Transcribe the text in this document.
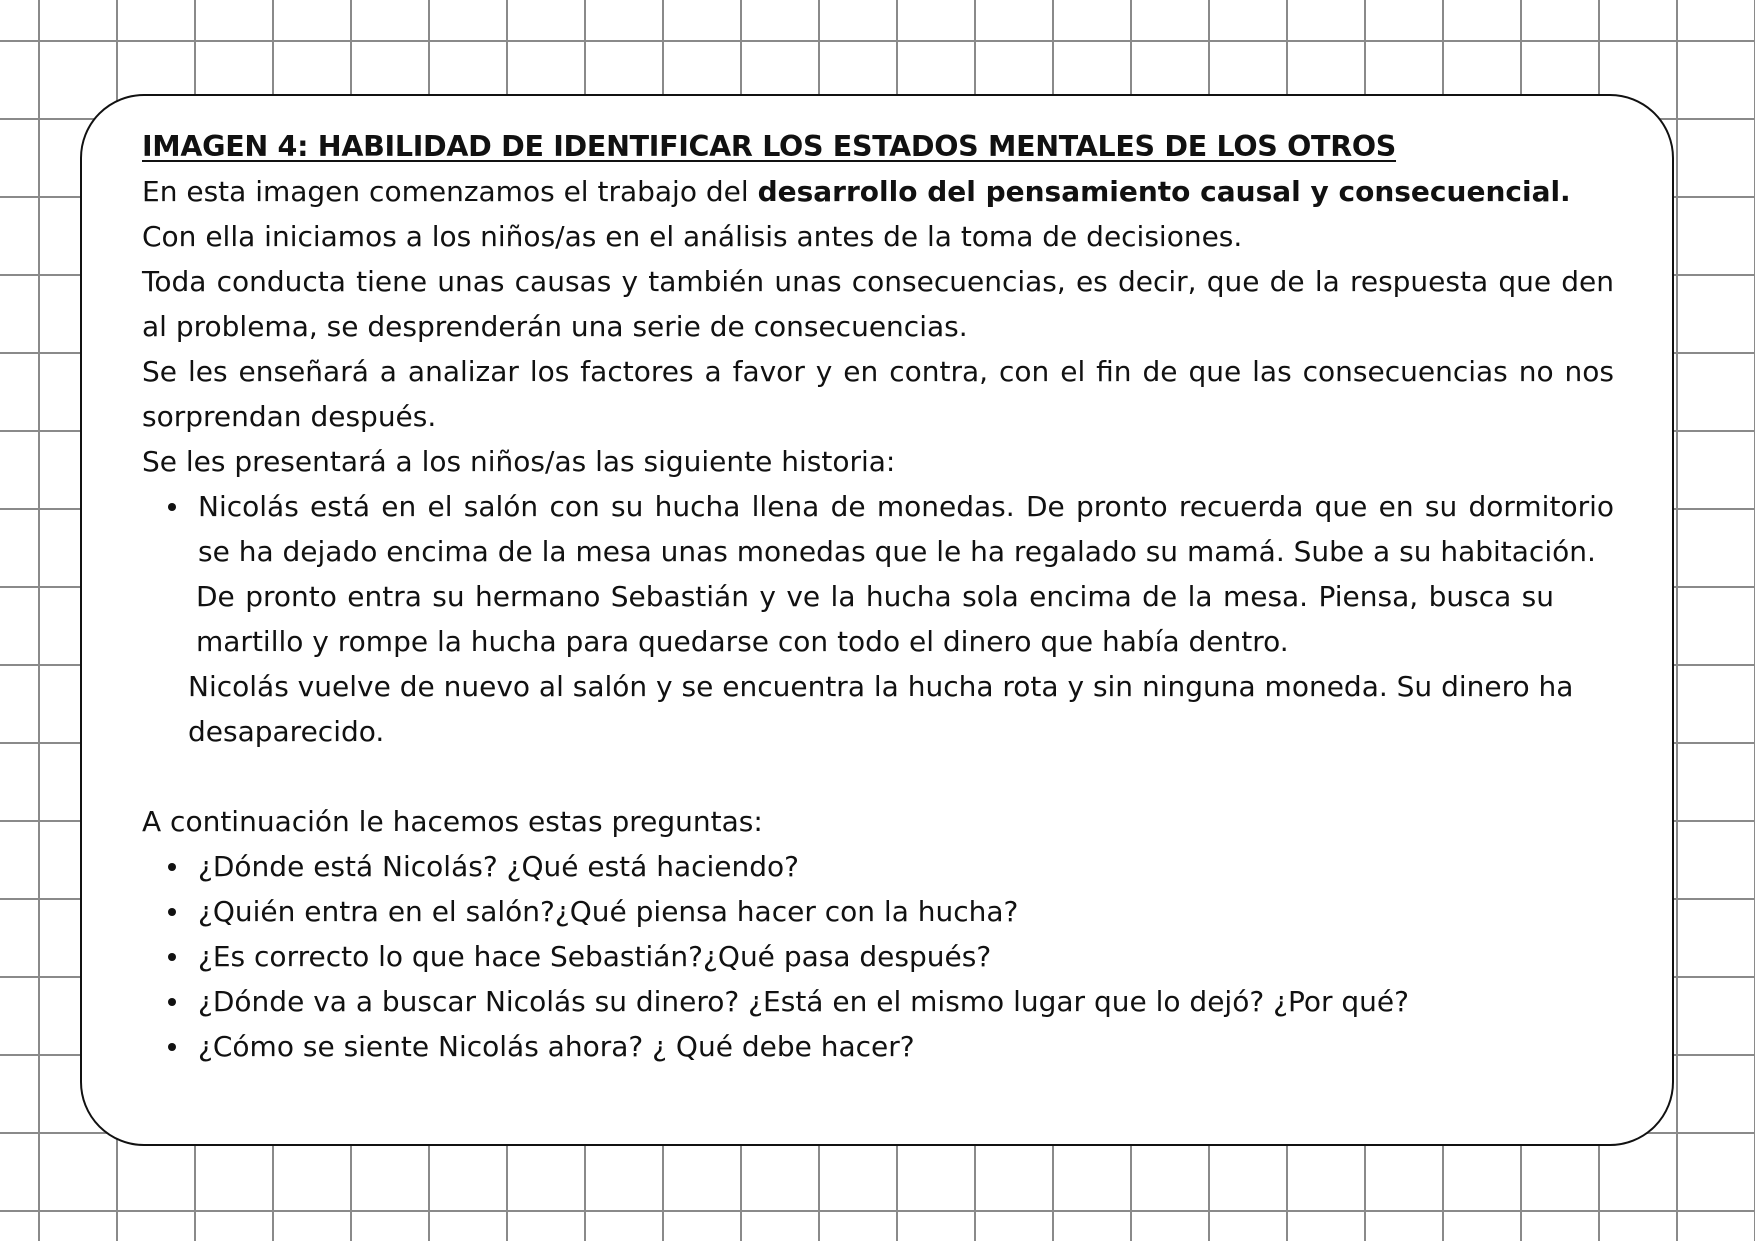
IMAGEN 4: HABILIDAD DE IDENTIFICAR LOS ESTADOS MENTALES DE LOS OTROS

En esta imagen comenzamos el trabajo del desarrollo del pensamiento causal y consecuencial.

Con ella iniciamos a los niños/as en el análisis antes de la toma de decisiones.

Toda conducta tiene unas causas y también unas consecuencias, es decir, que de la respuesta que den al problema, se desprenderán una serie de consecuencias.

Se les enseñará a analizar los factores a favor y en contra, con el fin de que las consecuencias no nos sorprendan después.

Se les presentará a los niños/as las siguiente historia:

Nicolás está en el salón con su hucha llena de monedas. De pronto recuerda que en su dormitorio se ha dejado encima de la mesa unas monedas que le ha regalado su mamá. Sube a su habitación.

De pronto entra su hermano Sebastián y ve la hucha sola encima de la mesa. Piensa, busca su martillo y rompe la hucha para quedarse con todo el dinero que había dentro.

Nicolás vuelve de nuevo al salón y se encuentra la hucha rota y sin ninguna moneda. Su dinero ha desaparecido.

A continuación le hacemos estas preguntas:

¿Dónde está Nicolás? ¿Qué está haciendo?
¿Quién entra en el salón?¿Qué piensa hacer con la hucha?
¿Es correcto lo que hace Sebastián?¿Qué pasa después?
¿Dónde va a buscar Nicolás su dinero? ¿Está en el mismo lugar que lo dejó? ¿Por qué?
¿Cómo se siente Nicolás ahora? ¿ Qué debe hacer?
